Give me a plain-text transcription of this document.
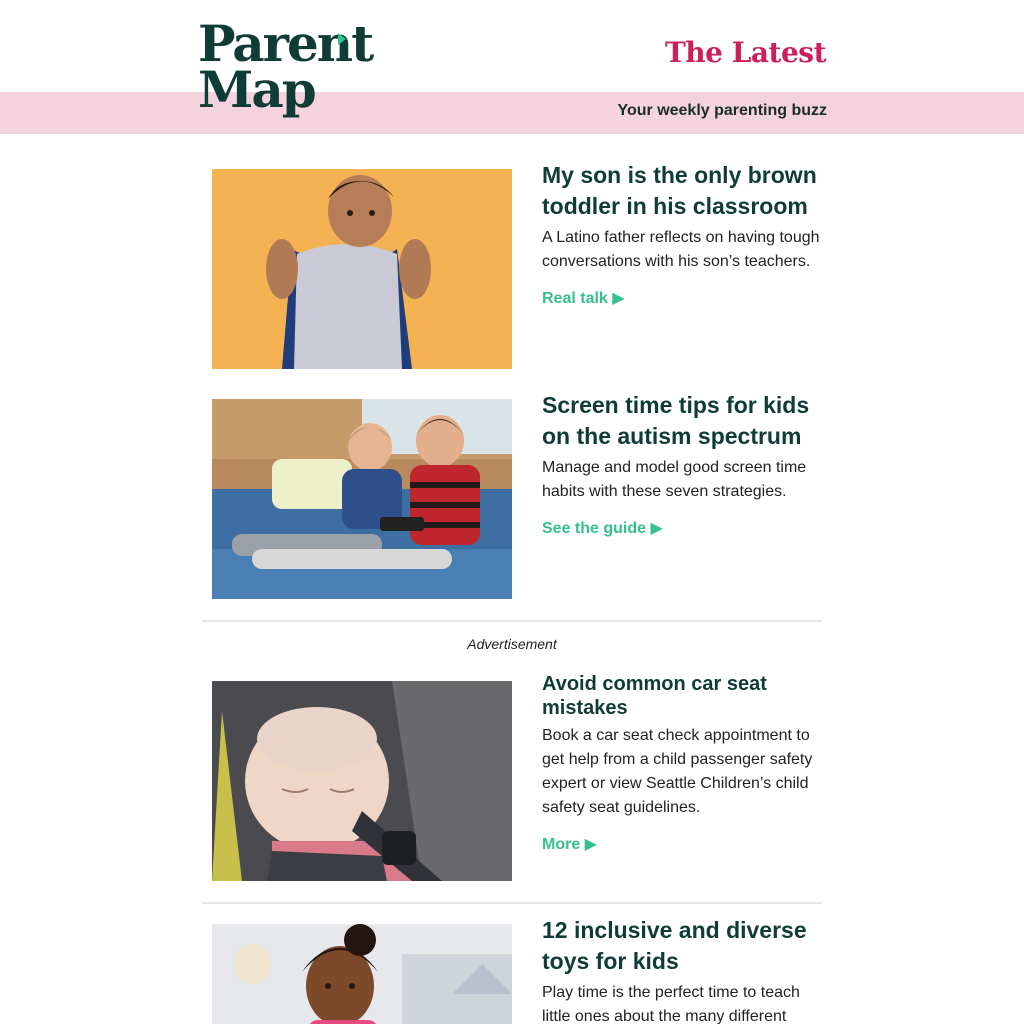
Parent
Map
The Latest
Your weekly parenting buzz
My son is the only brown toddler in his classroom

A Latino father reflects on having tough conversations with his son’s teachers.

Real talk ▶
Screen time tips for kids on the autism spectrum

Manage and model good screen time habits with these seven strategies.

See the guide ▶
Advertisement
Avoid common car seat mistakes

Book a car seat check appointment to get help from a child passenger safety expert or view Seattle Children’s child safety seat guidelines.

More ▶
12 inclusive and diverse toys for kids

Play time is the perfect time to teach little ones about the many different
